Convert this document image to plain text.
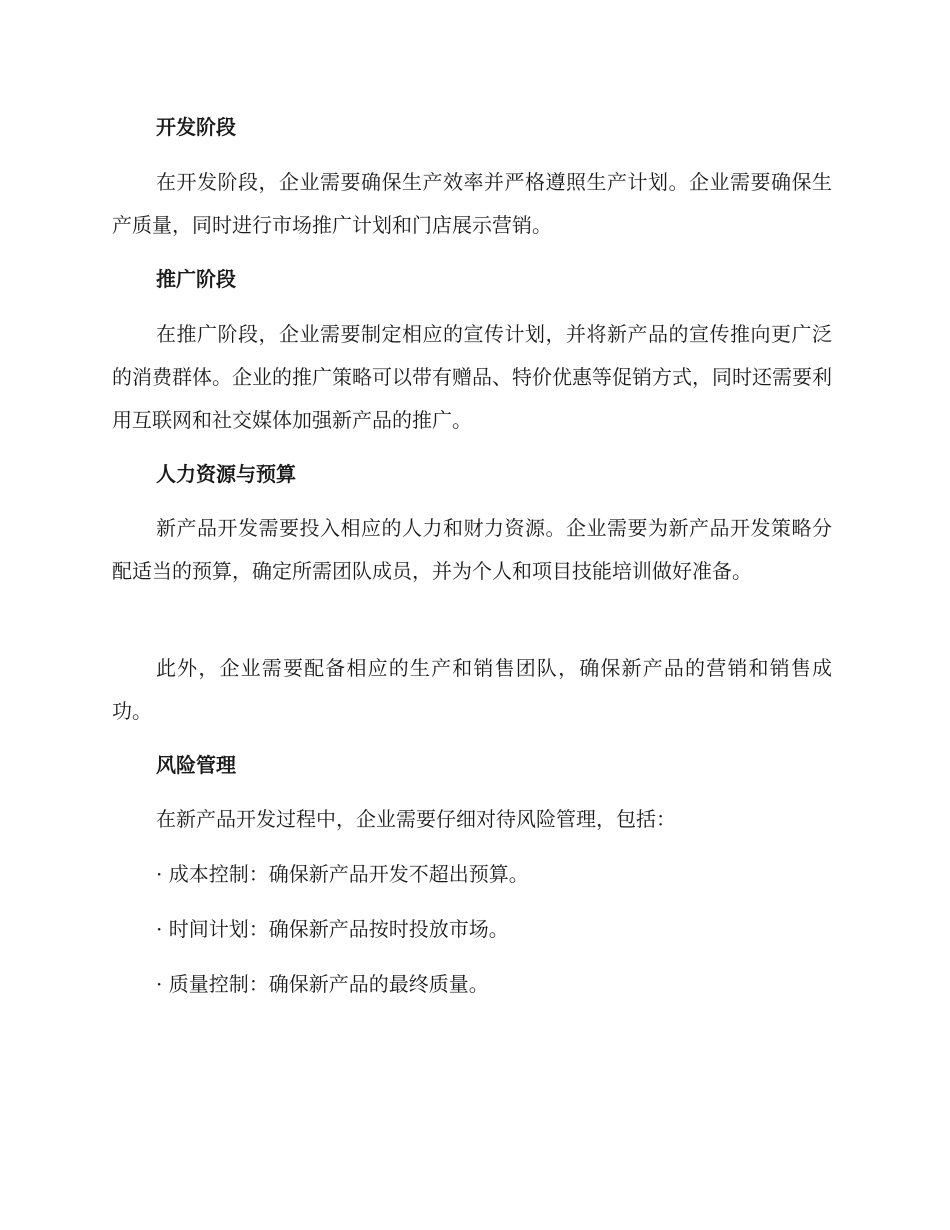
开发阶段
在开发阶段，企业需要确保生产效率并严格遵照生产计划。企业需要确保生产质量，同时进行市场推广计划和门店展示营销。
推广阶段
在推广阶段，企业需要制定相应的宣传计划，并将新产品的宣传推向更广泛的消费群体。企业的推广策略可以带有赠品、特价优惠等促销方式，同时还需要利用互联网和社交媒体加强新产品的推广。
人力资源与预算
新产品开发需要投入相应的人力和财力资源。企业需要为新产品开发策略分配适当的预算，确定所需团队成员，并为个人和项目技能培训做好准备。
此外，企业需要配备相应的生产和销售团队，确保新产品的营销和销售成功。
风险管理
在新产品开发过程中，企业需要仔细对待风险管理，包括：
· 成本控制：确保新产品开发不超出预算。
· 时间计划：确保新产品按时投放市场。
· 质量控制：确保新产品的最终质量。
